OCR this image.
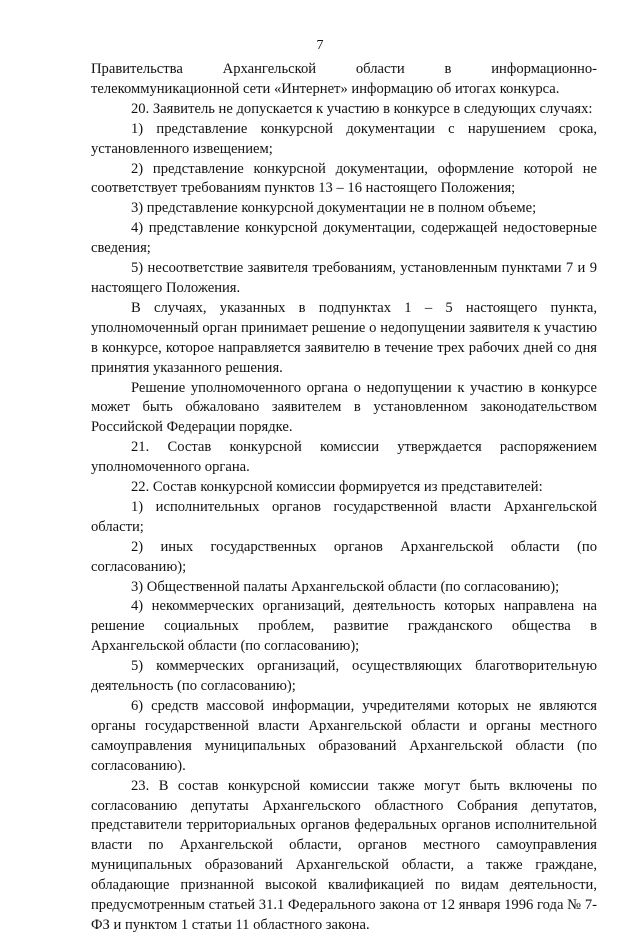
7

Правительства Архангельской области в информационно-телекоммуникационной сети «Интернет» информацию об итогах конкурса.

20. Заявитель не допускается к участию в конкурсе в следующих случаях:

1) представление конкурсной документации с нарушением срока, установленного извещением;

2) представление конкурсной документации, оформление которой не соответствует требованиям пунктов 13 – 16 настоящего Положения;

3) представление конкурсной документации не в полном объеме;

4) представление конкурсной документации, содержащей недостоверные сведения;

5) несоответствие заявителя требованиям, установленным пунктами 7 и 9 настоящего Положения.

В случаях, указанных в подпунктах 1 – 5 настоящего пункта, уполномоченный орган принимает решение о недопущении заявителя к участию в конкурсе, которое направляется заявителю в течение трех рабочих дней со дня принятия указанного решения.

Решение уполномоченного органа о недопущении к участию в конкурсе может быть обжаловано заявителем в установленном законодательством Российской Федерации порядке.

21. Состав конкурсной комиссии утверждается распоряжением уполномоченного органа.

22. Состав конкурсной комиссии формируется из представителей:

1) исполнительных органов государственной власти Архангельской области;

2) иных государственных органов Архангельской области (по согласованию);

3) Общественной палаты Архангельской области (по согласованию);

4) некоммерческих организаций, деятельность которых направлена на решение социальных проблем, развитие гражданского общества в Архангельской области (по согласованию);

5) коммерческих организаций, осуществляющих благотворительную деятельность (по согласованию);

6) средств массовой информации, учредителями которых не являются органы государственной власти Архангельской области и органы местного самоуправления муниципальных образований Архангельской области (по согласованию).

23. В состав конкурсной комиссии также могут быть включены по согласованию депутаты Архангельского областного Собрания депутатов, представители территориальных органов федеральных органов исполнительной власти по Архангельской области, органов местного самоуправления муниципальных образований Архангельской области, а также граждане, обладающие признанной высокой квалификацией по видам деятельности, предусмотренным статьей 31.1 Федерального закона от 12 января 1996 года № 7-ФЗ и пунктом 1 статьи 11 областного закона.
